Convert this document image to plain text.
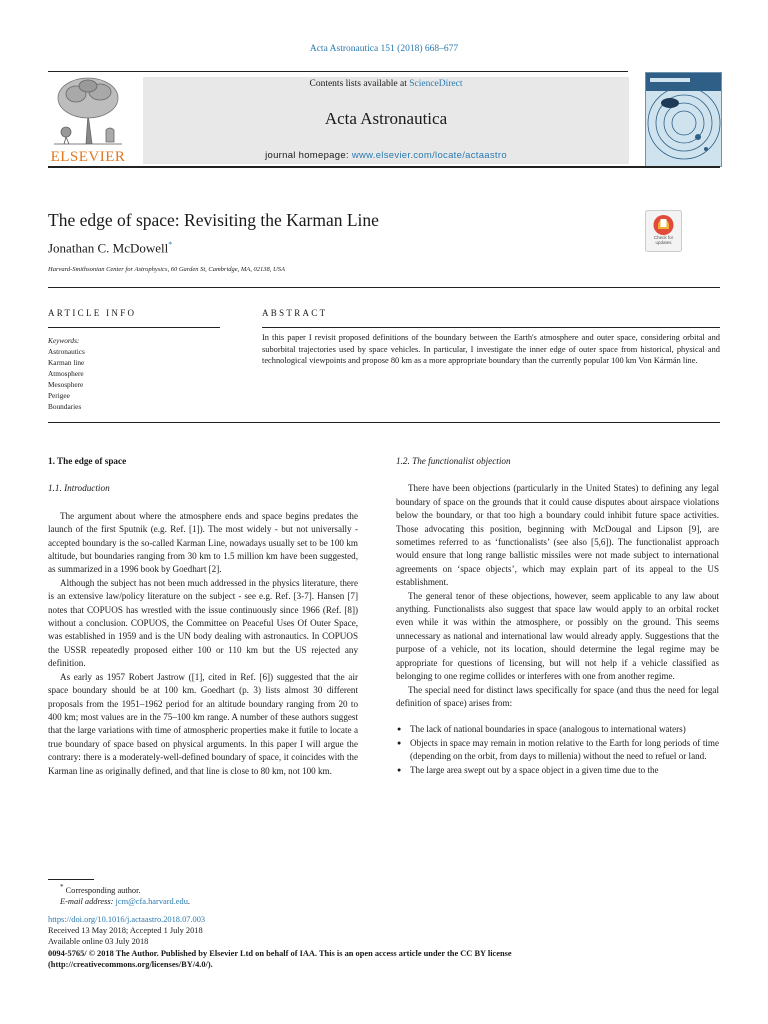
Acta Astronautica 151 (2018) 668–677
ELSEVIER
Contents lists available at ScienceDirect
Acta Astronautica
journal homepage: www.elsevier.com/locate/actaastro
The edge of space: Revisiting the Karman Line
Check for updates
Jonathan C. McDowell*
Harvard-Smithsonian Center for Astrophysics, 60 Garden St, Cambridge, MA, 02138, USA
ARTICLE INFO	ABSTRACT
Keywords:
Astronautics
Karman line
Atmosphere
Mesosphere
Perigee
Boundaries
In this paper I revisit proposed definitions of the boundary between the Earth's atmosphere and outer space, considering orbital and suborbital trajectories used by space vehicles. In particular, I investigate the inner edge of outer space from historical, physical and technological viewpoints and propose 80 km as a more appropriate boundary than the currently popular 100 km Von Kármán line.
1. The edge of space
1.1. Introduction

The argument about where the atmosphere ends and space begins predates the launch of the first Sputnik (e.g. Ref. [1]). The most widely - but not universally - accepted boundary is the so-called Karman Line, nowadays usually set to be 100 km altitude, but boundaries ranging from 30 km to 1.5 million km have been suggested, as summarized in a 1996 book by Goedhart [2].

Although the subject has not been much addressed in the physics literature, there is an extensive law/policy literature on the subject - see e.g. Ref. [3-7]. Hansen [7] notes that COPUOS has wrestled with the issue continuously since 1966 (Ref. [8]) without a conclusion. COPUOS, the Committee on Peaceful Uses Of Outer Space, was established in 1959 and is the UN body dealing with astronautics. In COPUOS the USSR repeatedly proposed either 100 or 110 km but the US rejected any definition.

As early as 1957 Robert Jastrow ([1], cited in Ref. [6]) suggested that the air space boundary should be at 100 km. Goedhart (p. 3) lists almost 30 different proposals from the 1951–1962 period for an altitude boundary ranging from 20 to 400 km; most values are in the 75–100 km range. A number of these authors suggest that the large variations with time of atmospheric properties make it futile to locate a true boundary of space based on physical arguments. In this paper I will argue the contrary: there is a moderately-well-defined boundary of space, it coincides with the Karman line as originally defined, and that line is close to 80 km, not 100 km.

1.2. The functionalist objection

There have been objections (particularly in the United States) to defining any legal boundary of space on the grounds that it could cause disputes about airspace violations below the boundary, or that too high a boundary could inhibit future space activities. Those advocating this position, beginning with McDougal and Lipson [9], are sometimes referred to as ‘functionalists’ (see also [5,6]). The functionalist approach would ensure that long range ballistic missiles were not made subject to international agreements on ‘space objects’, which may explain part of its appeal to the US establishment.

The general tenor of these objections, however, seem applicable to any law about anything. Functionalists also suggest that space law would apply to an orbital rocket even while it was within the atmosphere, or possibly on the ground. This seems unnecessary as national and international law would already apply. Suggestions that the purpose of a vehicle, not its location, should determine the legal regime may be appropriate for questions of licensing, but will not help if a vehicle classified as belonging to one regime collides or interferes with one from another regime.

The special need for distinct laws specifically for space (and thus the need for legal definition of space) arises from:

● The lack of national boundaries in space (analogous to international waters)
● Objects in space may remain in motion relative to the Earth for long periods of time (depending on the orbit, from days to millenia) without the need to refuel or land.
● The large area swept out by a space object in a given time due to the
* Corresponding author.
E-mail address: jcm@cfa.harvard.edu.
https://doi.org/10.1016/j.actaastro.2018.07.003
Received 13 May 2018; Accepted 1 July 2018
Available online 03 July 2018
0094-5765/ © 2018 The Author. Published by Elsevier Ltd on behalf of IAA. This is an open access article under the CC BY license
(http://creativecommons.org/licenses/BY/4.0/).
